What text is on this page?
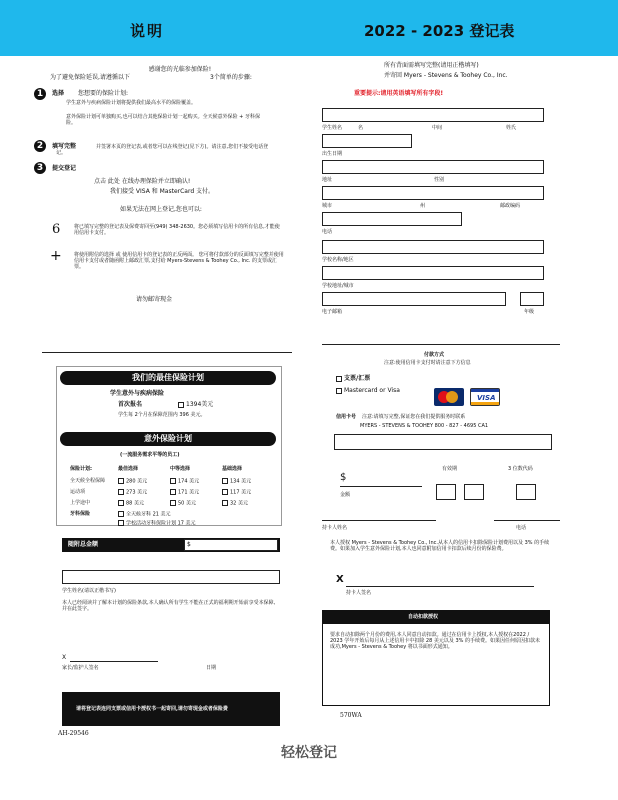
说明	2022 - 2023 登记表
感谢您的光临参加保险!
为了避免保险延误,请遵循以下	3个简单的步骤:
1	选择 您想要的保险计划:
学生意外与疾病保险计划将提供我们最高水平的保险覆盖。
意外保险计划可单独购买,也可以结合其他保险计划一起购买。全天候意外保险 + 牙科保险。
2	填写完整	并签署本页的登记表,或者您可以在线登记(见下方)。请注意,您们不接受电话登记。
3	提交登记
点击 此处 在线办理保险并立即确认!
我们接受 VISA 和 MasterCard 支付。
如果无法在网上登记,您也可以:
6	将已填写完整的登记表及保费寄回至(949) 348-2630。您必须填写信用卡的所有信息,才能使用信用卡支付。
+ 将使用附信的选择 或 使用信用卡的登记表的正反两面。 您可将付款部分的反面填写完整并使用信用卡支付或者随函附上邮政汇票,支付给 Myers-Stevens & Toohey Co., Inc. 的支票或汇票。
请勿邮寄现金
我们的最佳保险计划
学生意外与疾病保险
首次报名	1394美元
学生每 2个月在保障范围内 396 美元。
意外保险计划
(一流服务需求平等的员工)
保险计划:	最佳选择	中等选择	基础选择
全天候全程保障	280 美元	174 美元	134 美元
运动项	273 美元	171 美元	117 美元
上学途中	88 美元	50 美元	32 美元
牙科保险	全天候牙科 21 美元
学校活动牙科保险计划 17 美元
随附总金额	$
学生姓名(请以正楷书写)
本人已经阅读并了解本计划的保险条款,本人确认所有学生不能在正式的福利期开始前享受本保障,并在此签字。
X
家长/监护人签名	日期
请将登记表连同支票或信用卡授权书一起寄回,请勿寄现金或者保险费
AH-29546
所有背面需填写完整(请用正楷填写)
并寄回 Myers - Stevens & Toohey Co., Inc.
重要提示:请用英语填写所有字段!
学生姓名	名	中间	姓氏
出生日期
地址	性别
城市	州	邮政编码
电话
学校名称/地区
学校地址/城市
电子邮箱	年级
付款方式
注意:使用信用卡支付时请注意下方信息
支票/汇票
Mastercard or Visa
VISA
信用卡号 注意:请填写完整,保证您在我们提供服务时联系
MYERS - STEVENS & TOOHEY 800 - 827 - 4695 CA1
$
金额
有效期	3 位数代码
持卡人姓名	电话
本人授权 Myers - Stevens & Toohey Co., Inc.从本人的信用卡扣除保险计划费用以及 3% 的手续费。如果加入学生意外保险计划,本人也同意附加信用卡扣款后续月份的保险费。
X
持卡人签名
自动扣款授权
要求自动扣除两个月份的费用,本人同意自动扣款。通过在信用卡上授权,本人授权在2022 / 2023 学年开始后每月从上述信用卡中扣除 28 美元以及 3% 的手续费。如果因任何原因扣款未成功,Myers - Stevens & Toohey 将以书面形式通知。
570WA
轻松登记
